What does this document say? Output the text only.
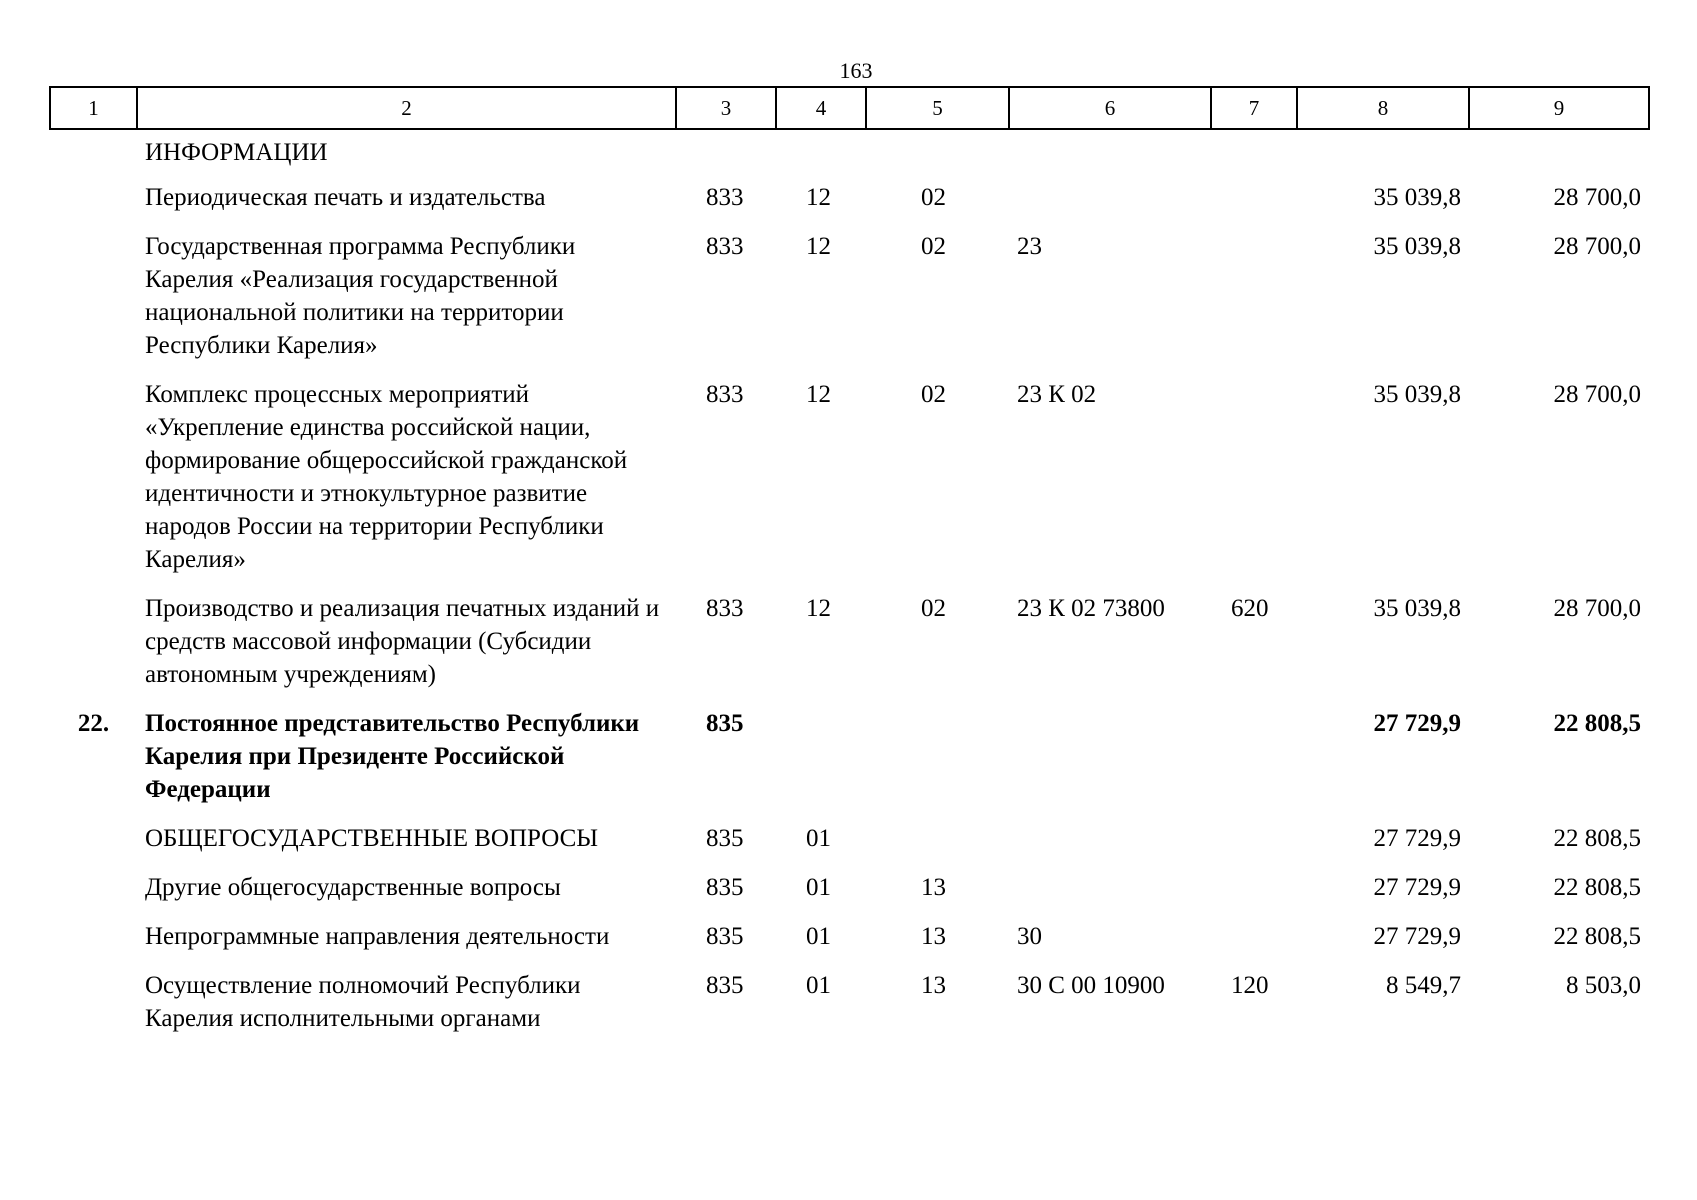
163
1	2	3	4	5	6	7	8	9
	ИНФОРМАЦИИ							
	Периодическая печать и издательства	833	12	02			35 039,8	28 700,0
	Государственная программа Республики Карелия «Реализация государственной национальной политики на территории Республики Карелия»	833	12	02	23		35 039,8	28 700,0
	Комплекс процессных мероприятий «Укрепление единства российской нации, формирование общероссийской гражданской идентичности и этнокультурное развитие народов России на территории Республики Карелия»	833	12	02	23 К 02		35 039,8	28 700,0
	Производство и реализация печатных изданий и средств массовой информации (Субсидии автономным учреждениям)	833	12	02	23 К 02 73800	620	35 039,8	28 700,0
22.	Постоянное представительство Республики Карелия при Президенте Российской Федерации	835					27 729,9	22 808,5
	ОБЩЕГОСУДАРСТВЕННЫЕ ВОПРОСЫ	835	01				27 729,9	22 808,5
	Другие общегосударственные вопросы	835	01	13			27 729,9	22 808,5
	Непрограммные направления деятельности	835	01	13	30		27 729,9	22 808,5
	Осуществление полномочий Республики Карелия исполнительными органами	835	01	13	30 С 00 10900	120	8 549,7	8 503,0
